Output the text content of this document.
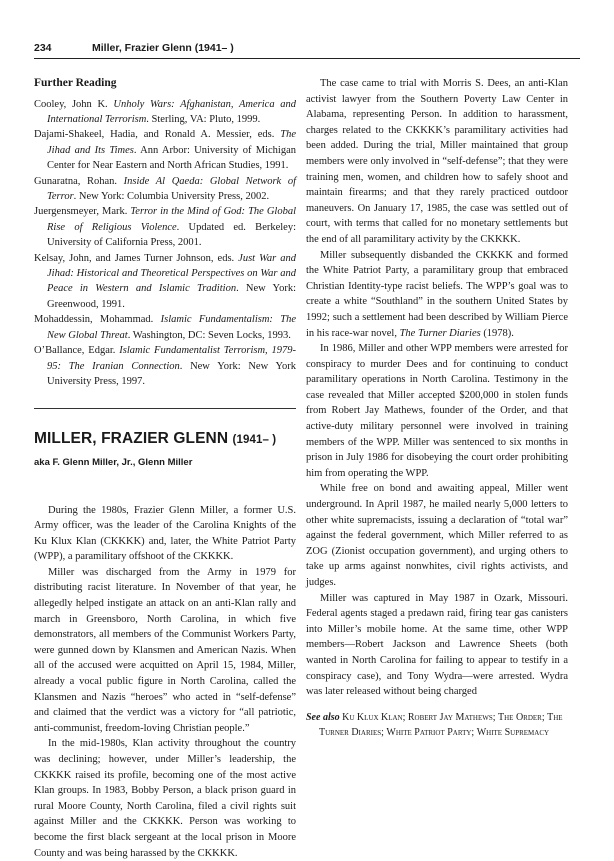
234	Miller, Frazier Glenn (1941– )
Further Reading

Cooley, John K. Unholy Wars: Afghanistan, America and International Terrorism. Sterling, VA: Pluto, 1999.

Dajami-Shakeel, Hadia, and Ronald A. Messier, eds. The Jihad and Its Times. Ann Arbor: University of Michigan Center for Near Eastern and North African Studies, 1991.

Gunaratna, Rohan. Inside Al Qaeda: Global Network of Terror. New York: Columbia University Press, 2002.

Juergensmeyer, Mark. Terror in the Mind of God: The Global Rise of Religious Violence. Updated ed. Berkeley: University of California Press, 2001.

Kelsay, John, and James Turner Johnson, eds. Just War and Jihad: Historical and Theoretical Perspectives on War and Peace in Western and Islamic Tradition. New York: Greenwood, 1991.

Mohaddessin, Mohammad. Islamic Fundamentalism: The New Global Threat. Washington, DC: Seven Locks, 1993.

O’Ballance, Edgar. Islamic Fundamentalist Terrorism, 1979-95: The Iranian Connection. New York: New York University Press, 1997.

MILLER, FRAZIER GLENN (1941– )
aka F. Glenn Miller, Jr., Glenn Miller

During the 1980s, Frazier Glenn Miller, a former U.S. Army officer, was the leader of the Carolina Knights of the Ku Klux Klan (CKKKK) and, later, the White Patriot Party (WPP), a paramilitary offshoot of the CKKKK.

Miller was discharged from the Army in 1979 for distributing racist literature. In November of that year, he allegedly helped instigate an attack on an anti-Klan rally and march in Greensboro, North Carolina, in which five demonstrators, all members of the Communist Workers Party, were gunned down by Klansmen and American Nazis. When all of the accused were acquitted on April 15, 1984, Miller, already a vocal public figure in North Carolina, called the Klansmen and Nazis “heroes” who acted in “self-defense” and claimed that the verdict was a victory for “all patriotic, anti-communist, freedom-loving Christian people.”

In the mid-1980s, Klan activity throughout the country was declining; however, under Miller’s leadership, the CKKKK raised its profile, becoming one of the most active Klan groups. In 1983, Bobby Person, a black prison guard in rural Moore County, North Carolina, filed a civil rights suit against Miller and the CKKKK. Person was working to become the first black sergeant at the local prison in Moore County and was being harassed by the CKKKK.

The case came to trial with Morris S. Dees, an anti-Klan activist lawyer from the Southern Poverty Law Center in Alabama, representing Person. In addition to harassment, charges related to the CKKKK’s paramilitary activities had been added. During the trial, Miller maintained that group members were only involved in “self-defense”; that they were training men, women, and children how to safely shoot and maintain firearms; and that they rarely practiced outdoor maneuvers. On January 17, 1985, the case was settled out of court, with terms that called for no monetary settlements but the end of all paramilitary activity by the CKKKK.

Miller subsequently disbanded the CKKKK and formed the White Patriot Party, a paramilitary group that embraced Christian Identity-type racist beliefs. The WPP’s goal was to create a white “Southland” in the southern United States by 1992; such a settlement had been described by William Pierce in his race-war novel, The Turner Diaries (1978).

In 1986, Miller and other WPP members were arrested for conspiracy to murder Dees and for continuing to conduct paramilitary operations in North Carolina. Testimony in the case revealed that Miller accepted $200,000 in stolen funds from Robert Jay Mathews, founder of the Order, and that active-duty military personnel were involved in training members of the WPP. Miller was sentenced to six months in prison in July 1986 for disobeying the court order prohibiting him from operating the WPP.

While free on bond and awaiting appeal, Miller went underground. In April 1987, he mailed nearly 5,000 letters to other white supremacists, issuing a declaration of “total war” against the federal government, which Miller referred to as ZOG (Zionist occupation government), and urging others to take up arms against nonwhites, civil rights activists, and judges.

Miller was captured in May 1987 in Ozark, Missouri. Federal agents staged a predawn raid, firing tear gas canisters into Miller’s mobile home. At the same time, other WPP members—Robert Jackson and Lawrence Sheets (both wanted in North Carolina for failing to appear to testify in a conspiracy case), and Tony Wydra—were arrested. Wydra was later released without being charged

See also Ku Klux Klan; Robert Jay Mathews; The Order; The Turner Diaries; White Patriot Party; White Supremacy
